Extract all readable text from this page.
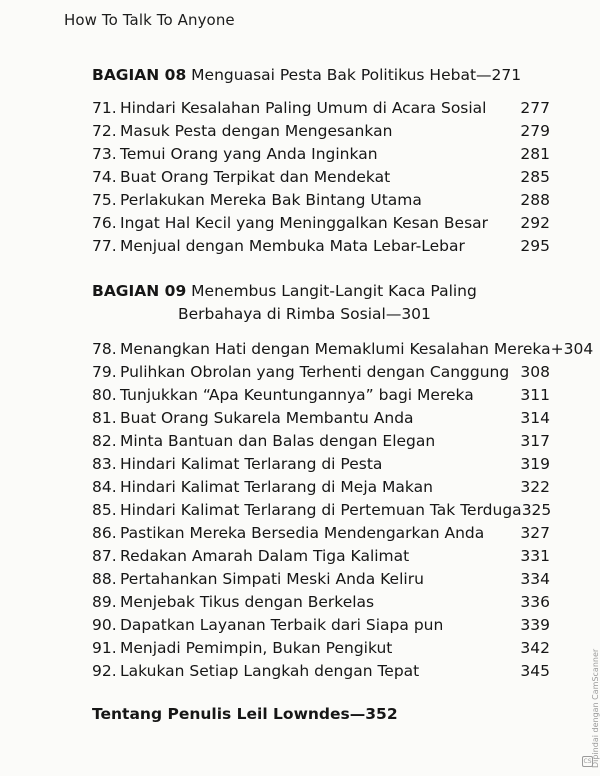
How To Talk To Anyone
BAGIAN 08 Menguasai Pesta Bak Politikus Hebat—271
71. Hindari Kesalahan Paling Umum di Acara Sosial 277
72. Masuk Pesta dengan Mengesankan	279
73. Temui Orang yang Anda Inginkan	281
74. Buat Orang Terpikat dan Mendekat	285
75. Perlakukan Mereka Bak Bintang Utama	288
76. Ingat Hal Kecil yang Meninggalkan Kesan Besar 292
77. Menjual dengan Membuka Mata Lebar-Lebar	295
BAGIAN 09 Menembus Langit-Langit Kaca Paling
Berbahaya di Rimba Sosial—301
78. Menangkan Hati dengan Memaklumi Kesalahan Mereka+ 304
79. Pulihkan Obrolan yang Terhenti dengan Canggung 308
80. Tunjukkan “Apa Keuntungannya” bagi Mereka	311
81. Buat Orang Sukarela Membantu Anda	314
82. Minta Bantuan dan Balas dengan Elegan	317
83. Hindari Kalimat Terlarang di Pesta	319
84. Hindari Kalimat Terlarang di Meja Makan	322
85. Hindari Kalimat Terlarang di Pertemuan Tak Terduga 325
86. Pastikan Mereka Bersedia Mendengarkan Anda 327
87. Redakan Amarah Dalam Tiga Kalimat	331
88. Pertahankan Simpati Meski Anda Keliru	334
89. Menjebak Tikus dengan Berkelas	336
90. Dapatkan Layanan Terbaik dari Siapa pun	339
91. Menjadi Pemimpin, Bukan Pengikut	342
92. Lakukan Setiap Langkah dengan Tepat	345
Tentang Penulis Leil Lowndes—352	Dipindai dengan CamScanner
CS
